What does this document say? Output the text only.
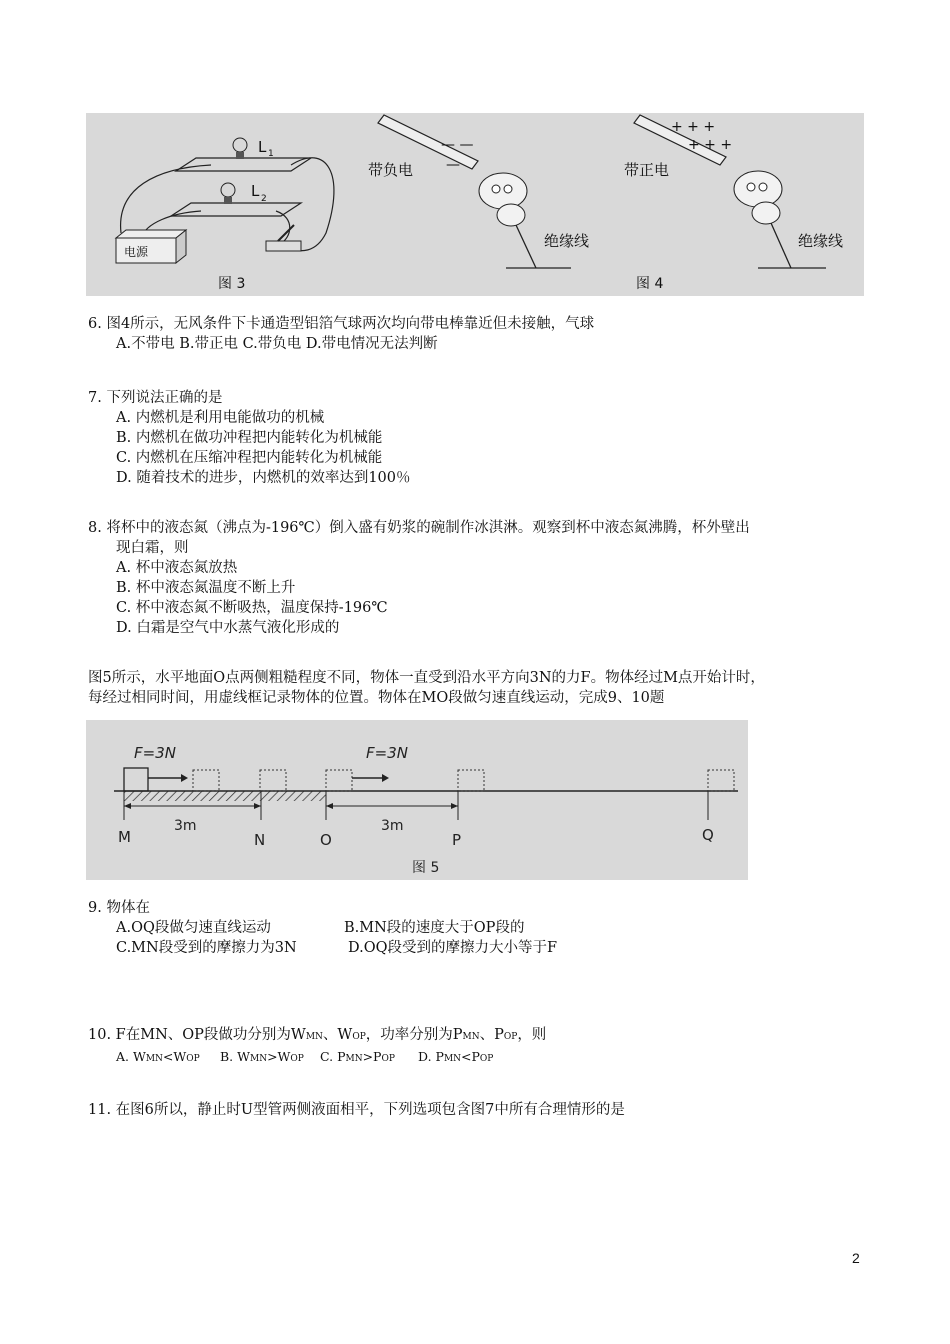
L 1
L 2
电源
图 3
— —
—
带负电
绝缘线
+ + +
+ + +
带正电
绝缘线
图 4
6. 图4所示，无风条件下卡通造型铝箔气球两次均向带电棒靠近但未接触，气球
A.不带电 B.带正电 C.带负电 D.带电情况无法判断
7. 下列说法正确的是
A. 内燃机是利用电能做功的机械
B. 内燃机在做功冲程把内能转化为机械能
C. 内燃机在压缩冲程把内能转化为机械能
D. 随着技术的进步，内燃机的效率达到100％
8. 将杯中的液态氮（沸点为-196℃）倒入盛有奶浆的碗制作冰淇淋。观察到杯中液态氮沸腾，杯外壁出
现白霜，则
A. 杯中液态氮放热
B. 杯中液态氮温度不断上升
C. 杯中液态氮不断吸热，温度保持-196℃
D. 白霜是空气中水蒸气液化形成的
图5所示，水平地面O点两侧粗糙程度不同，物体一直受到沿水平方向3N的力F。物体经过M点开始计时，
每经过相同时间，用虚线框记录物体的位置。物体在MO段做匀速直线运动，完成9、10题
F=3N	F=3N
3m	3m
M	N	O	P	Q
图 5
9. 物体在
A.OQ段做匀速直线运动	B.MN段的速度大于OP段的
C.MN段受到的摩擦力为3N	D.OQ段受到的摩擦力大小等于F
10. F在MN、OP段做功分别为WMN、WOP，功率分别为PMN、POP，则
A. WMN<WOP B. WMN>WOP C. PMN>POP D. PMN<POP
11. 在图6所以，静止时U型管两侧液面相平，下列选项包含图7中所有合理情形的是
2
